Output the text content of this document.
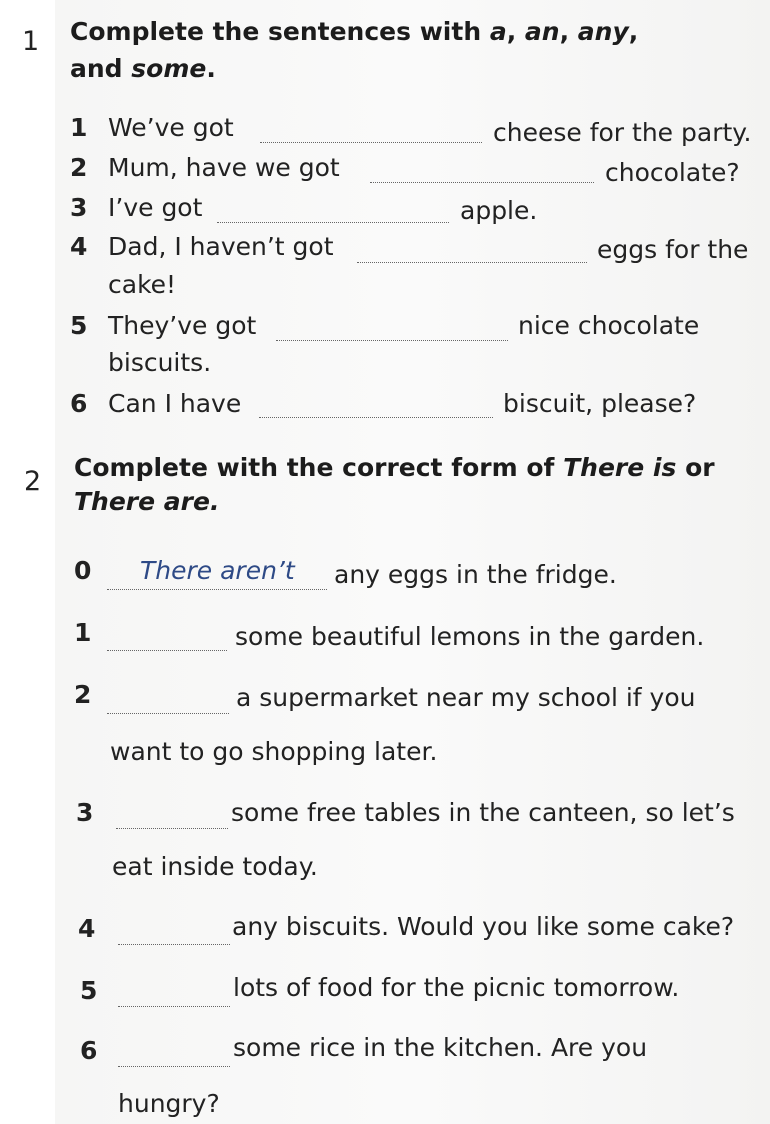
1 Complete the sentences with a, an, any,
and some.
1 We’ve got	cheese for the party.
2 Mum, have we got	chocolate?
3 I’ve got	apple.
4 Dad, I haven’t got	eggs for the
cake!
5 They’ve got	nice chocolate
biscuits.
6 Can I have	biscuit, please?
2 Complete with the correct form of There is or
There are.
0 There aren’t any eggs in the fridge.
1	some beautiful lemons in the garden.
2	a supermarket near my school if you
want to go shopping later.
3	some free tables in the canteen, so let’s
eat inside today.
4	any biscuits. Would you like some cake?
5	lots of food for the picnic tomorrow.
6	some rice in the kitchen. Are you
hungry?
